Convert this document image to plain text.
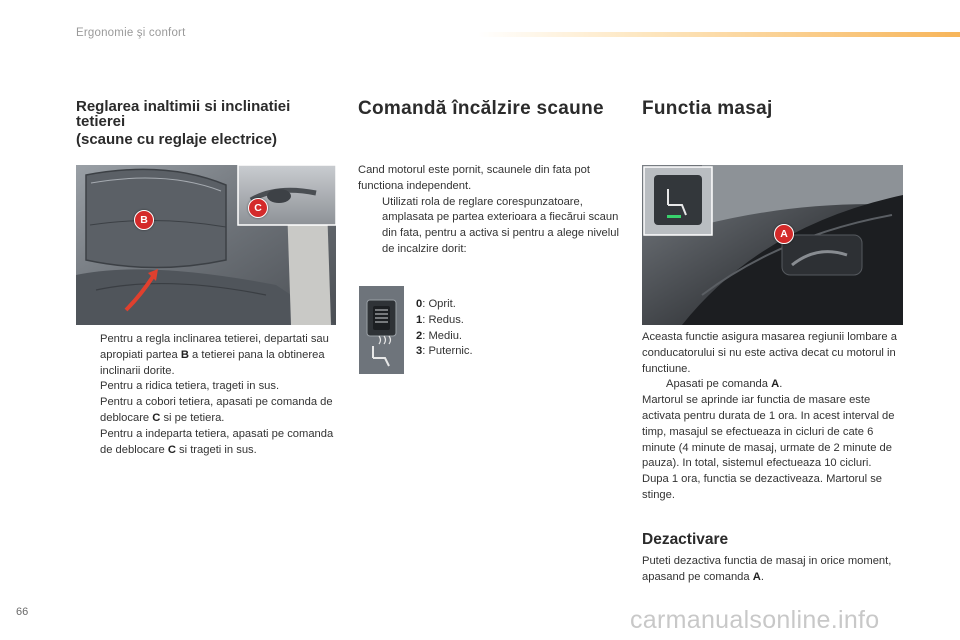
Ergonomie şi confort
Reglarea inaltimii si inclinatiei
tetierei
(scaune cu reglaje electrice)
B
C

Pentru a regla inclinarea tetierei, departati sau apropiati partea B a tetierei pana la obtinerea inclinarii dorite.

Pentru a ridica tetiera, trageti in sus.

Pentru a cobori tetiera, apasati pe comanda de deblocare C si pe tetiera.

Pentru a indeparta tetiera, apasati pe comanda de deblocare C si trageti in sus.

Comandă încălzire scaune

Cand motorul este pornit, scaunele din fata pot functiona independent.

Utilizati rola de reglare corespunzatoare, amplasata pe partea exterioara a fiecărui scaun din fata, pentru a activa si pentru a alege nivelul de incalzire dorit:

0: Oprit.
1: Redus.
2: Mediu.
3: Puternic.
Functia masaj
A

Aceasta functie asigura masarea regiunii lombare a conducatorului si nu este activa decat cu motorul in functiune.

Apasati pe comanda A.

Martorul se aprinde iar functia de masare este activata pentru durata de 1 ora. In acest interval de timp, masajul se efectueaza in cicluri de cate 6 minute (4 minute de masaj, urmate de 2 minute de pauza). In total, sistemul efectueaza 10 cicluri.

Dupa 1 ora, functia se dezactiveaza. Martorul se stinge.

Dezactivare

Puteti dezactiva functia de masaj in orice moment, apasand pe comanda A.

66	carmanualsonline.info
